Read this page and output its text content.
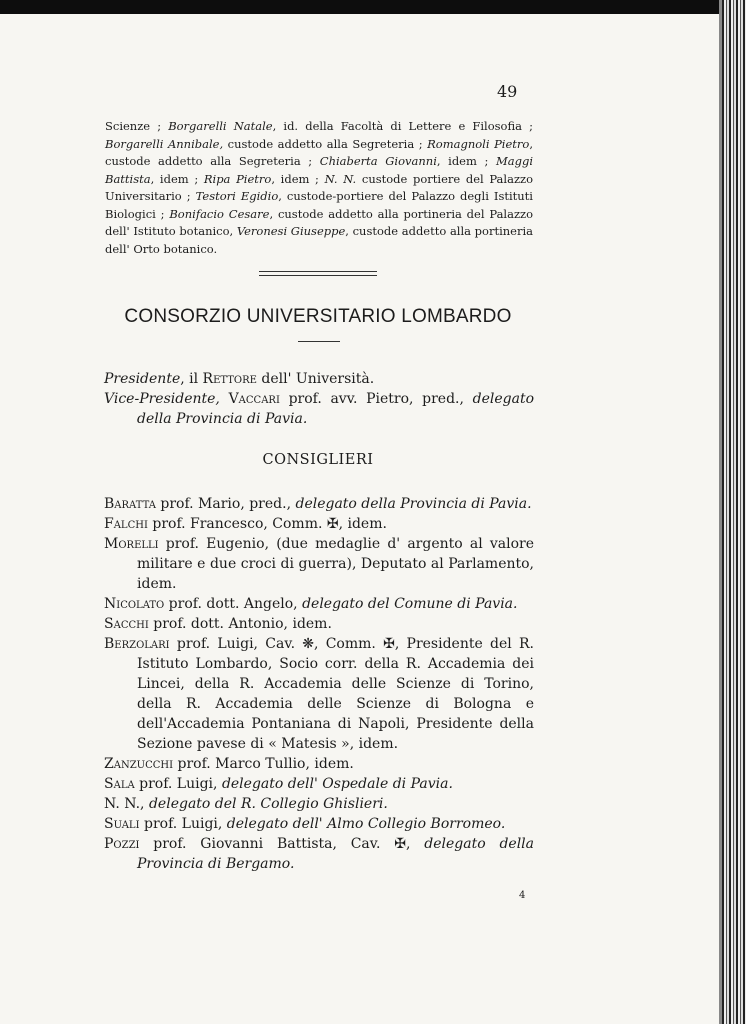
49

Scienze ; Borgarelli Natale, id. della Facoltà di Lettere e Filosofia ; Borgarelli Annibale, custode addetto alla Segreteria ; Romagnoli Pietro, custode addetto alla Segreteria ; Chiaberta Giovanni, idem ; Maggi Battista, idem ; Ripa Pietro, idem ; N. N. custode portiere del Palazzo Universitario ; Testori Egidio, custode-portiere del Palazzo degli Istituti Biologici ; Bonifacio Cesare, custode addetto alla portineria del Palazzo dell' Istituto botanico, Veronesi Giuseppe, custode addetto alla portineria dell' Orto botanico.

CONSORZIO UNIVERSITARIO LOMBARDO

Presidente, il Rettore dell' Università.

Vice-Presidente, Vaccari prof. avv. Pietro, pred., delegato della Provincia di Pavia.

CONSIGLIERI

Baratta prof. Mario, pred., delegato della Provincia di Pavia.

Falchi prof. Francesco, Comm. ✠, idem.

Morelli prof. Eugenio, (due medaglie d' argento al valore militare e due croci di guerra), Deputato al Parlamento, idem.

Nicolato prof. dott. Angelo, delegato del Comune di Pavia.

Sacchi prof. dott. Antonio, idem.

Berzolari prof. Luigi, Cav. ❋, Comm. ✠, Presidente del R. Istituto Lombardo, Socio corr. della R. Accademia dei Lincei, della R. Accademia delle Scienze di Torino, della R. Accademia delle Scienze di Bologna e dell'Accademia Pontaniana di Napoli, Presidente della Sezione pavese di « Matesis », idem.

Zanzucchi prof. Marco Tullio, idem.

Sala prof. Luigi, delegato dell' Ospedale di Pavia.

N. N., delegato del R. Collegio Ghislieri.

Suali prof. Luigi, delegato dell' Almo Collegio Borromeo.

Pozzi prof. Giovanni Battista, Cav. ✠, delegato della Provincia di Bergamo.

4
